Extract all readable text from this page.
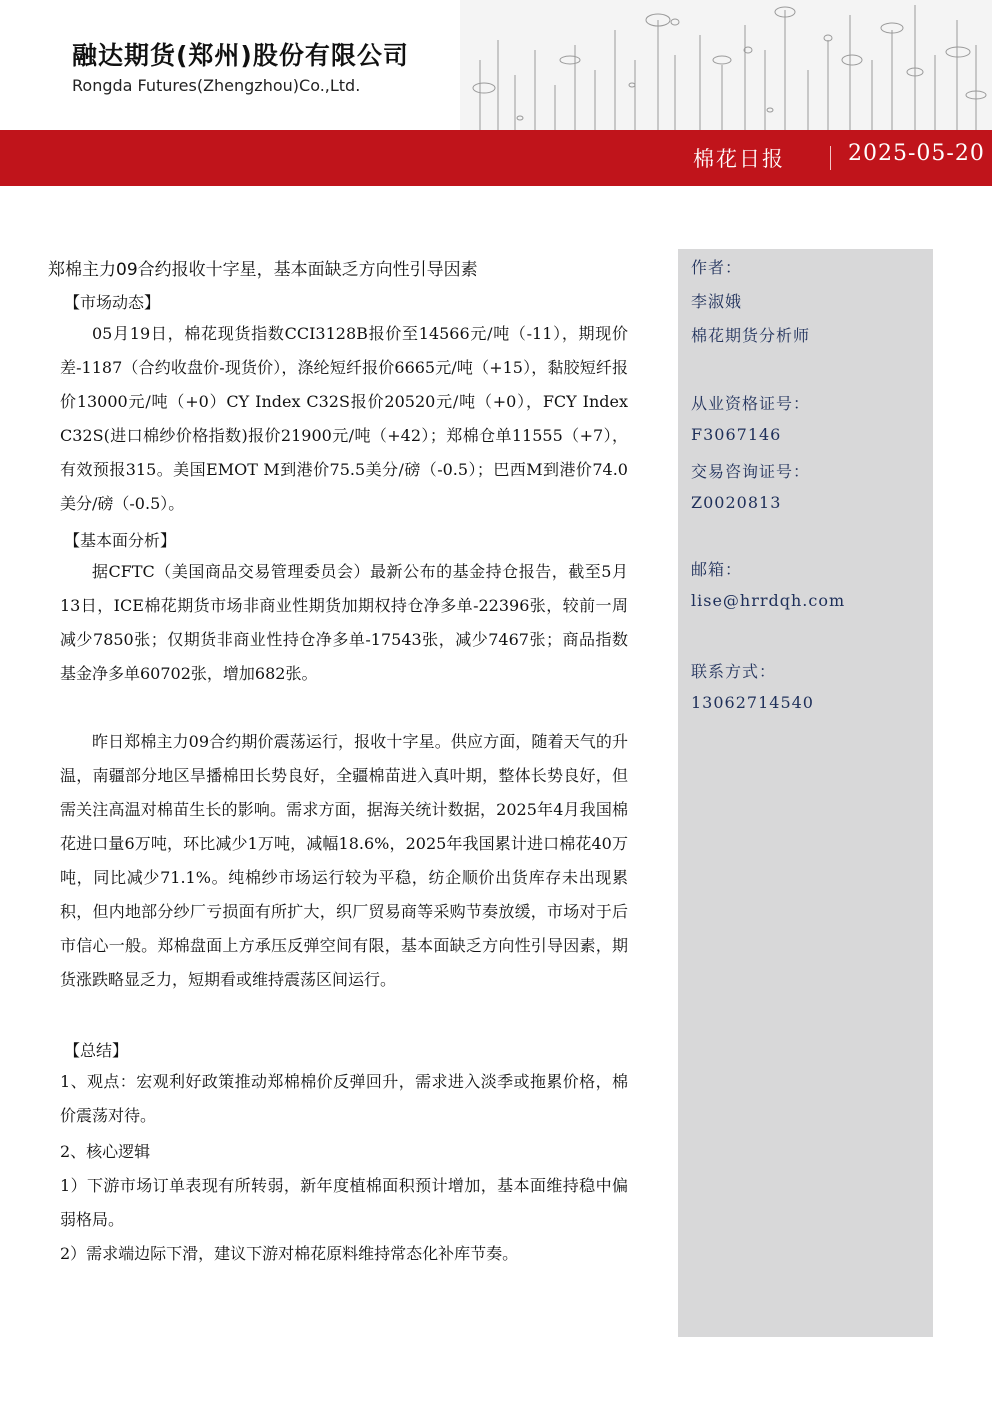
融达期货(郑州)股份有限公司
Rongda Futures(Zhengzhou)Co.,Ltd.
棉花日报	2025-05-20
郑棉主力09合约报收十字星，基本面缺乏方向性引导因素
【市场动态】
05月19日，棉花现货指数CCI3128B报价至14566元/吨（-11），期现价差-1187（合约收盘价-现货价），涤纶短纤报价6665元/吨（+15），黏胶短纤报价13000元/吨（+0）CY Index C32S报价20520元/吨（+0），FCY Index C32S(进口棉纱价格指数)报价21900元/吨（+42）；郑棉仓单11555（+7），有效预报315。美国EMOT M到港价75.5美分/磅（-0.5）；巴西M到港价74.0美分/磅（-0.5）。
【基本面分析】
据CFTC（美国商品交易管理委员会）最新公布的基金持仓报告，截至5月13日，ICE棉花期货市场非商业性期货加期权持仓净多单-22396张，较前一周减少7850张；仅期货非商业性持仓净多单-17543张，减少7467张；商品指数基金净多单60702张，增加682张。
昨日郑棉主力09合约期价震荡运行，报收十字星。供应方面，随着天气的升温，南疆部分地区旱播棉田长势良好，全疆棉苗进入真叶期，整体长势良好，但需关注高温对棉苗生长的影响。需求方面，据海关统计数据，2025年4月我国棉花进口量6万吨，环比减少1万吨，减幅18.6%，2025年我国累计进口棉花40万吨，同比减少71.1%。纯棉纱市场运行较为平稳，纺企顺价出货库存未出现累积，但内地部分纱厂亏损面有所扩大，织厂贸易商等采购节奏放缓，市场对于后市信心一般。郑棉盘面上方承压反弹空间有限，基本面缺乏方向性引导因素，期货涨跌略显乏力，短期看或维持震荡区间运行。
【总结】
1、观点：宏观利好政策推动郑棉棉价反弹回升，需求进入淡季或拖累价格，棉价震荡对待。
2、核心逻辑
1）下游市场订单表现有所转弱，新年度植棉面积预计增加，基本面维持稳中偏弱格局。
2）需求端边际下滑，建议下游对棉花原料维持常态化补库节奏。
作者：
李淑娥
棉花期货分析师
从业资格证号：
F3067146
交易咨询证号：
Z0020813
邮箱：
lise@hrrdqh.com
联系方式：
13062714540
